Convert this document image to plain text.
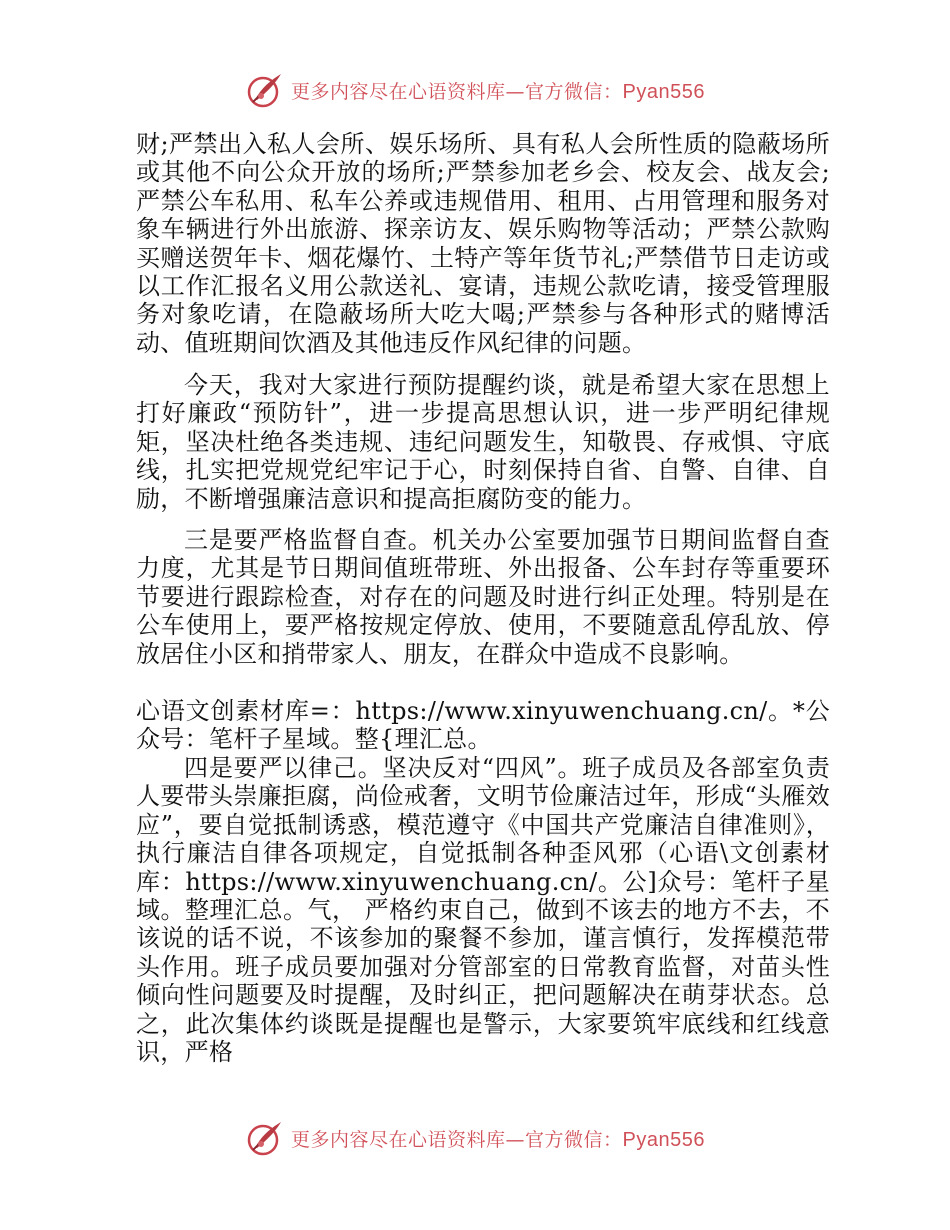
更多内容尽在心语资料库—官方微信：Pyan556

财;严禁出入私人会所、娱乐场所、具有私人会所性质的隐蔽场所或其他不向公众开放的场所;严禁参加老乡会、校友会、战友会;严禁公车私用、私车公养或违规借用、租用、占用管理和服务对象车辆进行外出旅游、探亲访友、娱乐购物等活动；严禁公款购买赠送贺年卡、烟花爆竹、土特产等年货节礼;严禁借节日走访或以工作汇报名义用公款送礼、宴请，违规公款吃请，接受管理服务对象吃请，在隐蔽场所大吃大喝;严禁参与各种形式的赌博活动、值班期间饮酒及其他违反作风纪律的问题。

今天，我对大家进行预防提醒约谈，就是希望大家在思想上打好廉政“预防针”，进一步提高思想认识，进一步严明纪律规矩，坚决杜绝各类违规、违纪问题发生，知敬畏、存戒惧、守底线，扎实把党规党纪牢记于心，时刻保持自省、自警、自律、自励，不断增强廉洁意识和提高拒腐防变的能力。

三是要严格监督自查。机关办公室要加强节日期间监督自查力度，尤其是节日期间值班带班、外出报备、公车封存等重要环节要进行跟踪检查，对存在的问题及时进行纠正处理。特别是在公车使用上，要严格按规定停放、使用，不要随意乱停乱放、停放居住小区和捎带家人、朋友，在群众中造成不良影响。

心语文创素材库=：https://www.xinyuwenchuang.cn/。*公众号：笔杆子星域。整{理汇总。

四是要严以律己。坚决反对“四风”。班子成员及各部室负责人要带头崇廉拒腐，尚俭戒奢，文明节俭廉洁过年，形成“头雁效应”，要自觉抵制诱惑，模范遵守《中国共产党廉洁自律准则》，执行廉洁自律各项规定，自觉抵制各种歪风邪（心语\文创素材库：https://www.xinyuwenchuang.cn/。公]众号：笔杆子星域。整理汇总。气， 严格约束自己，做到不该去的地方不去，不该说的话不说，不该参加的聚餐不参加，谨言慎行，发挥模范带头作用。班子成员要加强对分管部室的日常教育监督，对苗头性倾向性问题要及时提醒，及时纠正，把问题解决在萌芽状态。总之，此次集体约谈既是提醒也是警示，大家要筑牢底线和红线意识，严格

更多内容尽在心语资料库—官方微信：Pyan556
